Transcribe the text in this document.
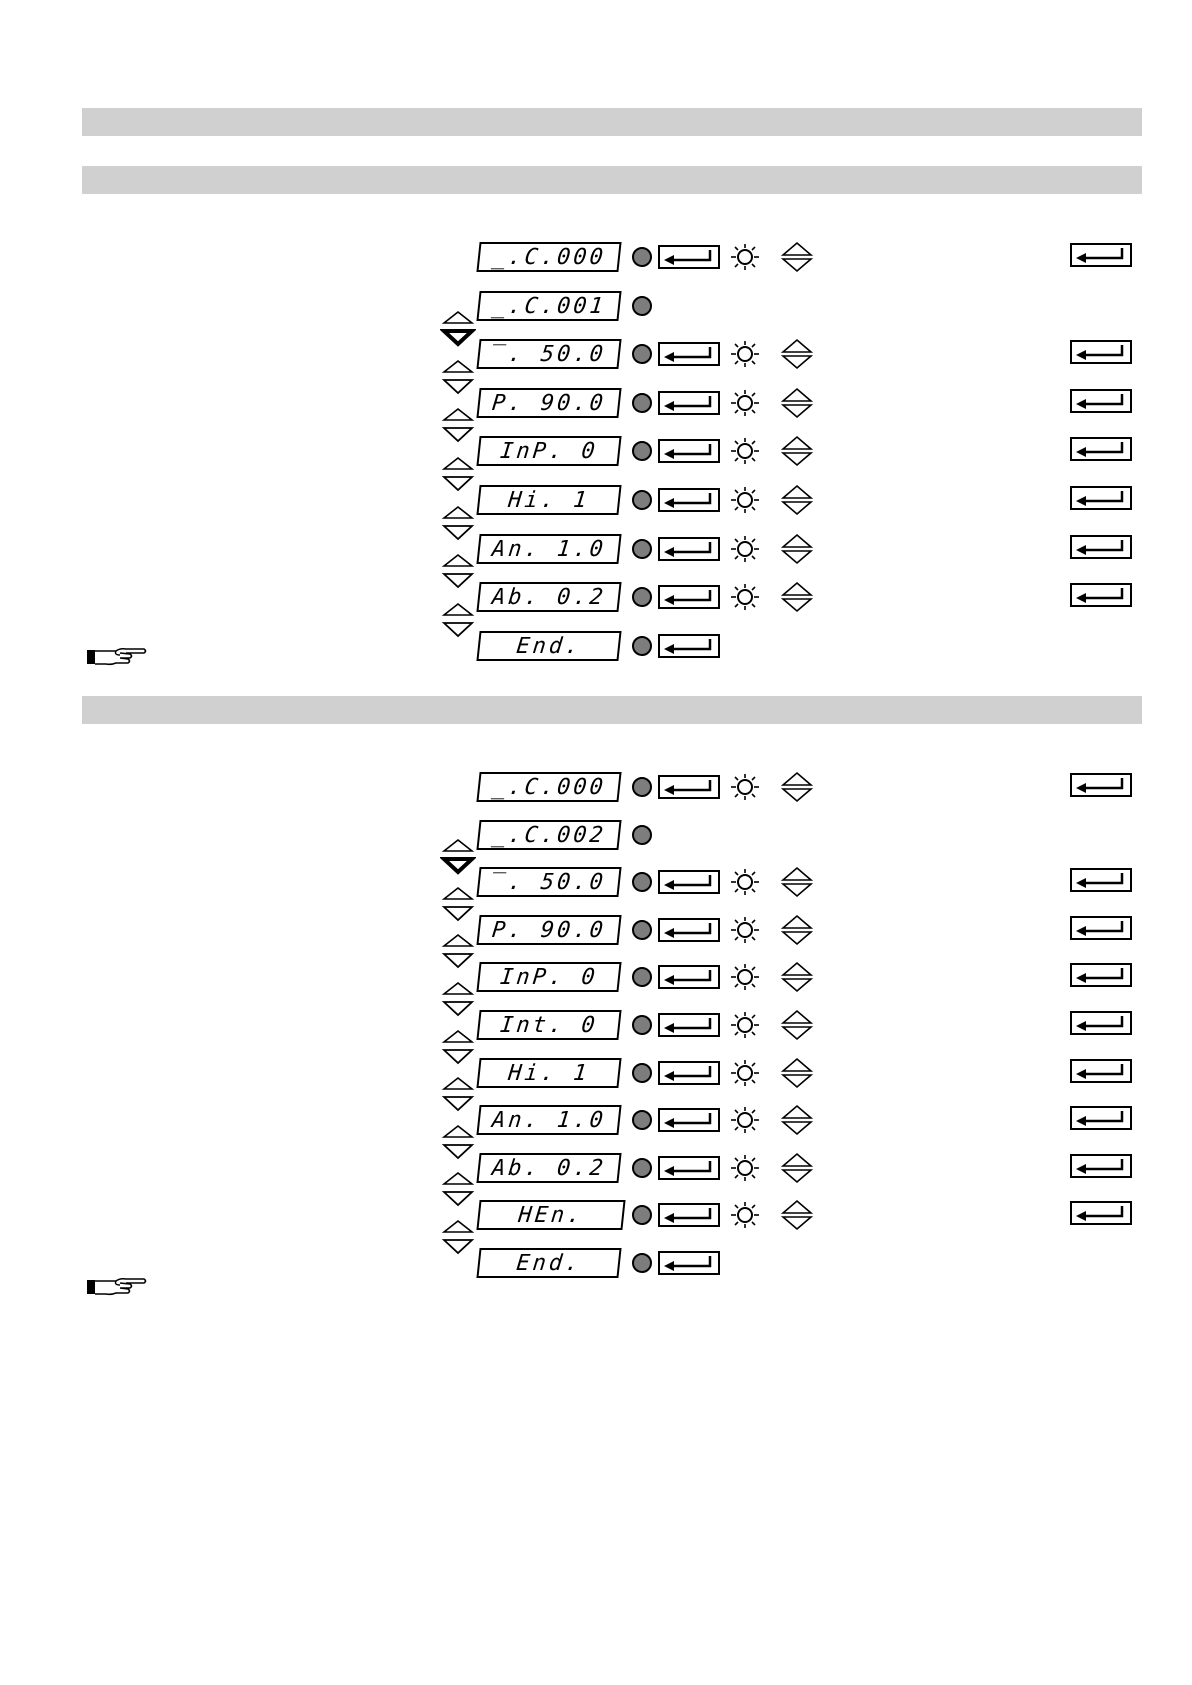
_.C.000
_.C.001
‾. 50.0
P. 90.0
InP. 0
Hi. 1
An. 1.0
Ab. 0.2
End.
_.C.000
_.C.002
‾. 50.0
P. 90.0
InP. 0
Int. 0
Hi. 1
An. 1.0
Ab. 0.2
HEn.
End.
